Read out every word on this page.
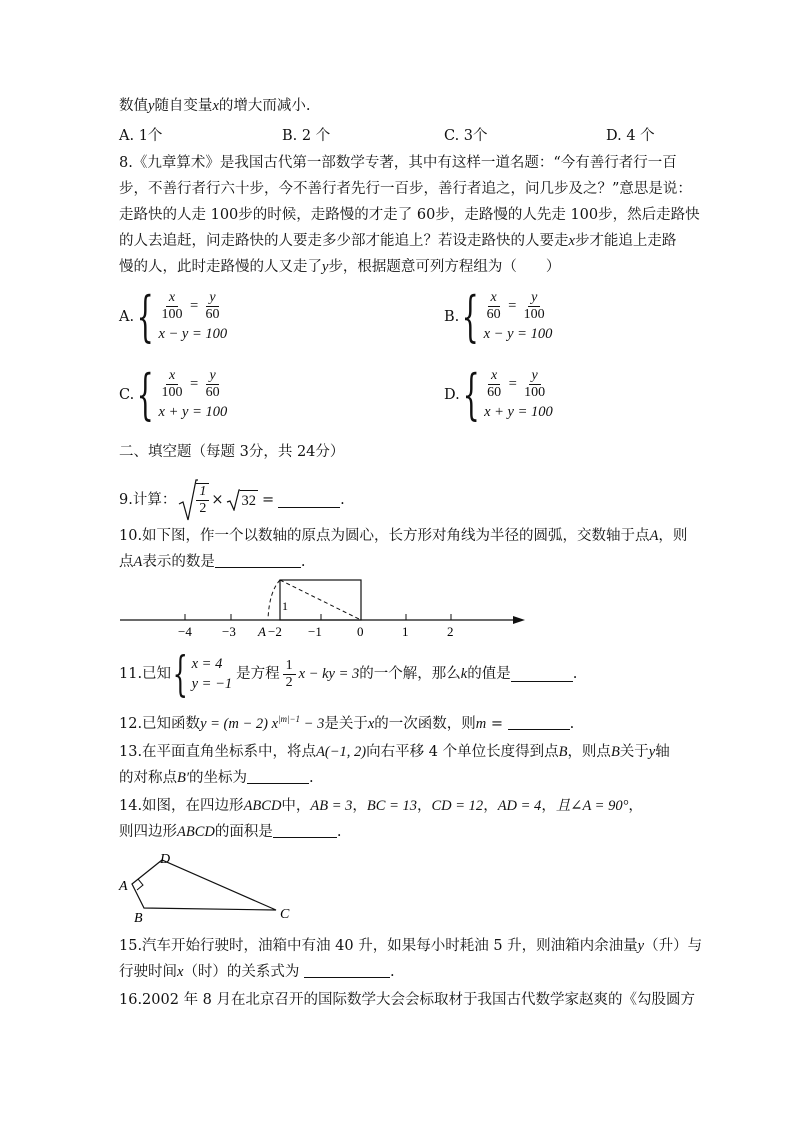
数值y随自变量x的增大而减小.
A. 1个	B. 2 个	C. 3个	D. 4 个
8.《九章算术》是我国古代第一部数学专著，其中有这样一道名题：“今有善行者行一百
步，不善行者行六十步，今不善行者先行一百步，善行者追之，问几步及之？”意思是说：
走路快的人走 100步的时候，走路慢的才走了 60步，走路慢的人先走 100步，然后走路快
的人去追赶，问走路快的人要走多少部才能追上？若设走路快的人要走x步才能追上走路
慢的人，此时走路慢的人又走了y步，根据题意可列方程组为（　　）
A. { $\frac{x}{100} = \frac{y}{60}$
x − y = 100
B. { $\frac{x}{60} = \frac{y}{100}$
x − y = 100
C. { $\frac{x}{100} = \frac{y}{60}$
x + y = 100
D. { $\frac{x}{60} = \frac{y}{100}$
x + y = 100
二、填空题（每题 3分，共 24分）
9.计算： $\frac{1}{2} \times 32$ =	.
10.如下图，作一个以数轴的原点为圆心，长方形对角线为半径的圆弧，交数轴于点A，则
点A表示的数是	.
1
−4 −3 A −2 −1	0	1	2
11.已知 { x = 4
y = −1
是方程 $\frac{1}{2}$ x − ky = 3 的一个解，那么 k 的值是	.
12.已知函数y = (m − 2) $x^{|m|-1} - 3$是关于x的一次函数，则m =	.
13.在平面直角坐标系中，将点A(−1, 2)向右平移 4 个单位长度得到点B，则点B关于y轴
的对称点B′的坐标为	.
14.如图，在四边形ABCD中，AB = 3，BC = 13，CD = 12，AD = 4，且∠A = 90°，
则四边形ABCD的面积是	.
A
B	C
D
15.汽车开始行驶时，油箱中有油 40 升，如果每小时耗油 5 升，则油箱内余油量y（升）与
行驶时间x（时）的关系式为	.
16.2002 年 8 月在北京召开的国际数学大会会标取材于我国古代数学家赵爽的《勾股圆方
